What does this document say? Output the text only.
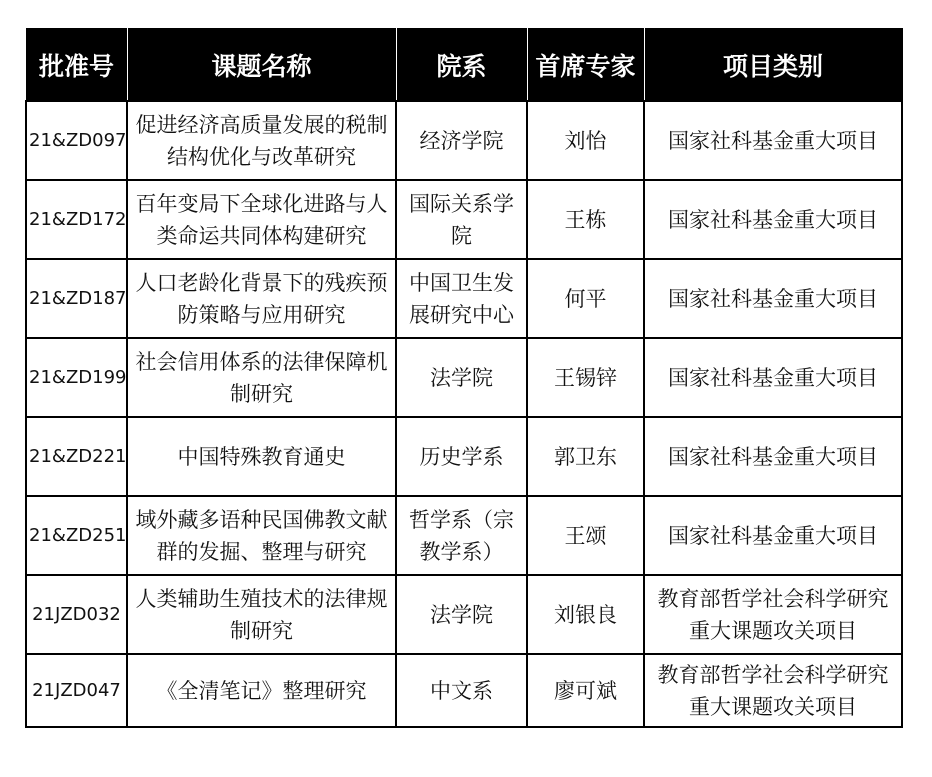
批准号	课题名称	院系	首席专家	项目类别
21&ZD097	促进经济高质量发展的税制结构优化与改革研究	经济学院	刘怡	国家社科基金重大项目

21&ZD172	百年变局下全球化进路与人类命运共同体构建研究	国际关系学院	王栋	国家社科基金重大项目

21&ZD187	人口老龄化背景下的残疾预防策略与应用研究	中国卫生发展研究中心	何平	国家社科基金重大项目

21&ZD199	社会信用体系的法律保障机制研究	法学院	王锡锌	国家社科基金重大项目

21&ZD221	中国特殊教育通史	历史学系	郭卫东	国家社科基金重大项目

21&ZD251	域外藏多语种民国佛教文献群的发掘、整理与研究	哲学系（宗教学系）	王颂	国家社科基金重大项目

21JZD032	人类辅助生殖技术的法律规制研究	法学院	刘银良	教育部哲学社会科学研究重大课题攻关项目

21JZD047	《全清笔记》整理研究	中文系	廖可斌	教育部哲学社会科学研究重大课题攻关项目
